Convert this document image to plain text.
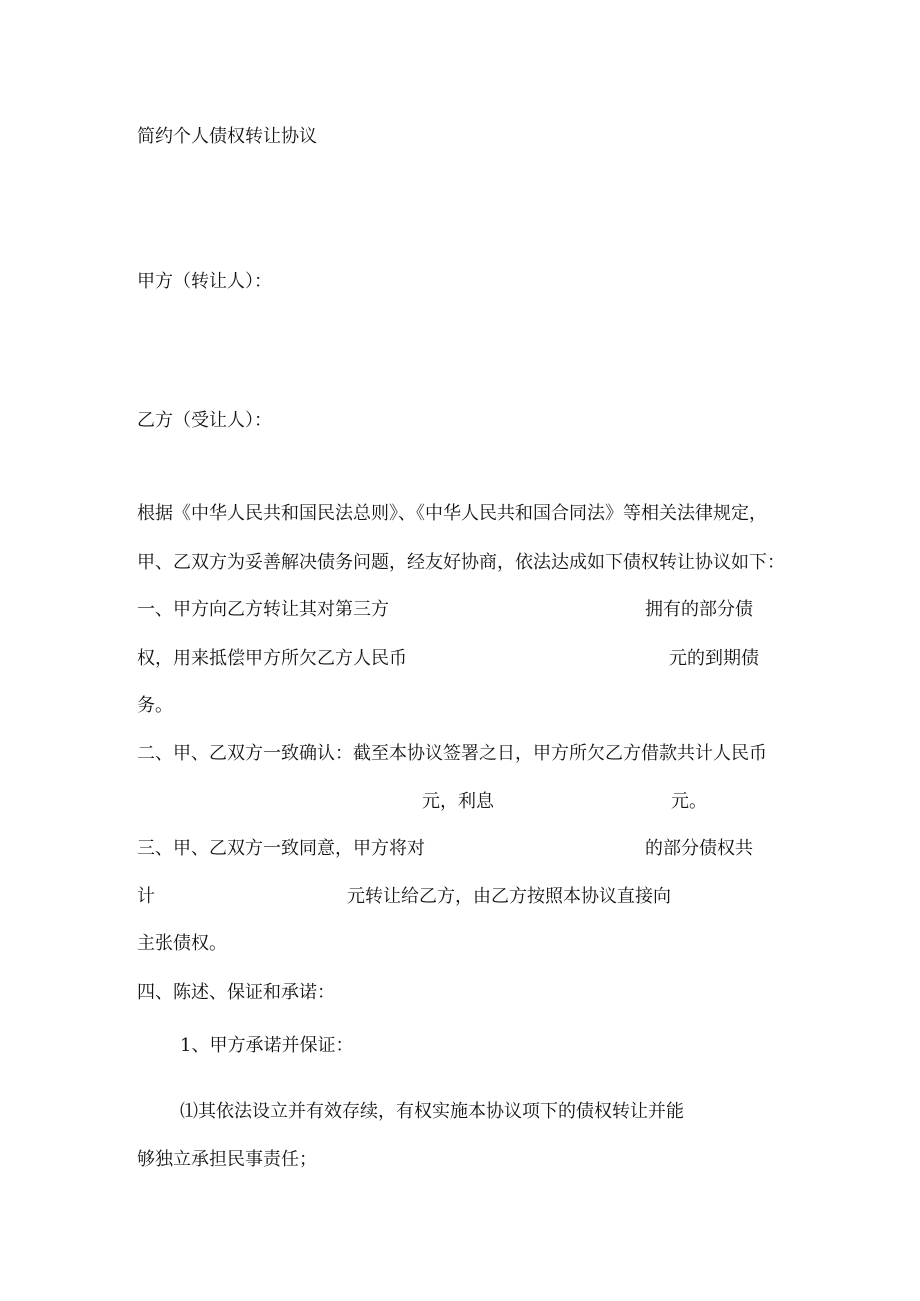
简约个人债权转让协议
甲方（转让人）：
乙方（受让人）：
根据《中华人民共和国民法总则》、《中华人民共和国合同法》等相关法律规定，
甲、乙双方为妥善解决债务问题，经友好协商，依法达成如下债权转让协议如下：
一、甲方向乙方转让其对第三方	拥有的部分债
权，用来抵偿甲方所欠乙方人民币	元的到期债
务。
二、甲、乙双方一致确认：截至本协议签署之日，甲方所欠乙方借款共计人民币
元，利息	元。
三、甲、乙双方一致同意，甲方将对	的部分债权共
计	元转让给乙方，由乙方按照本协议直接向
主张债权。
四、陈述、保证和承诺：
1、甲方承诺并保证：
⑴其依法设立并有效存续，有权实施本协议项下的债权转让并能
够独立承担民事责任；
